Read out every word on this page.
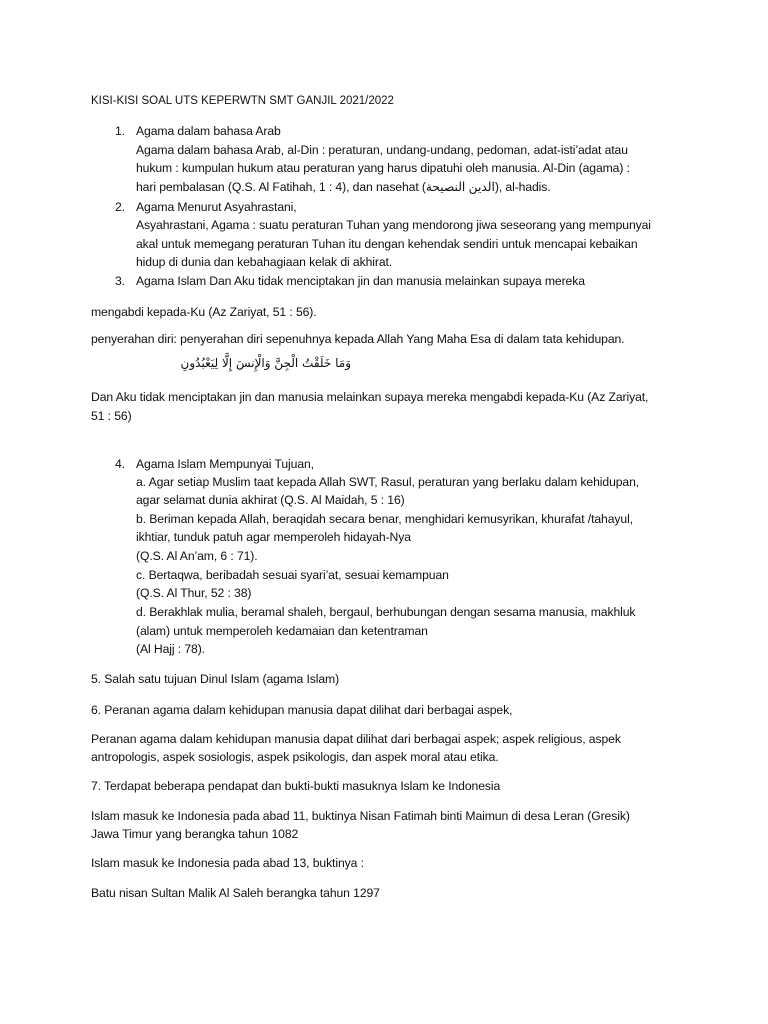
KISI-KISI SOAL UTS KEPERWTN SMT GANJIL 2021/2022
1. Agama dalam bahasa Arab
Agama dalam bahasa Arab, al-Din : peraturan, undang-undang, pedoman, adat-isti’adat atau
hukum : kumpulan hukum atau peraturan yang harus dipatuhi oleh manusia. Al-Din (agama) :
hari pembalasan (Q.S. Al Fatihah, 1 : 4), dan nasehat (الدين النصيحة), al-hadis.
2. Agama Menurut Asyahrastani,
Asyahrastani, Agama : suatu peraturan Tuhan yang mendorong jiwa seseorang yang mempunyai
akal untuk memegang peraturan Tuhan itu dengan kehendak sendiri untuk mencapai kebaikan
hidup di dunia dan kebahagiaan kelak di akhirat.
3. Agama Islam Dan Aku tidak menciptakan jin dan manusia melainkan supaya mereka
mengabdi kepada-Ku (Az Zariyat, 51 : 56).
penyerahan diri: penyerahan diri sepenuhnya kepada Allah Yang Maha Esa di dalam tata kehidupan.
وَمَا خَلَقْتُ الْجِنَّ وَالْإِنسَ إِلَّا لِيَعْبُدُونِ
Dan Aku tidak menciptakan jin dan manusia melainkan supaya mereka mengabdi kepada-Ku (Az Zariyat,
51 : 56)
4. Agama Islam Mempunyai Tujuan,
a. Agar setiap Muslim taat kepada Allah SWT, Rasul, peraturan yang berlaku dalam kehidupan,
agar selamat dunia akhirat (Q.S. Al Maidah, 5 : 16)
b. Beriman kepada Allah, beraqidah secara benar, menghidari kemusyrikan, khurafat /tahayul,
ikhtiar, tunduk patuh agar memperoleh hidayah-Nya
(Q.S. Al An’am, 6 : 71).
c. Bertaqwa, beribadah sesuai syari’at, sesuai kemampuan
(Q.S. Al Thur, 52 : 38)
d. Berakhlak mulia, beramal shaleh, bergaul, berhubungan dengan sesama manusia, makhluk
(alam) untuk memperoleh kedamaian dan ketentraman
(Al Hajj : 78).
5. Salah satu tujuan Dinul Islam (agama Islam)
6. Peranan agama dalam kehidupan manusia dapat dilihat dari berbagai aspek,
Peranan agama dalam kehidupan manusia dapat dilihat dari berbagai aspek; aspek religious, aspek
antropologis, aspek sosiologis, aspek psikologis, dan aspek moral atau etika.
7. Terdapat beberapa pendapat dan bukti-bukti masuknya Islam ke Indonesia
Islam masuk ke Indonesia pada abad 11, buktinya Nisan Fatimah binti Maimun di desa Leran (Gresik)
Jawa Timur yang berangka tahun 1082
Islam masuk ke Indonesia pada abad 13, buktinya :
Batu nisan Sultan Malik Al Saleh berangka tahun 1297
